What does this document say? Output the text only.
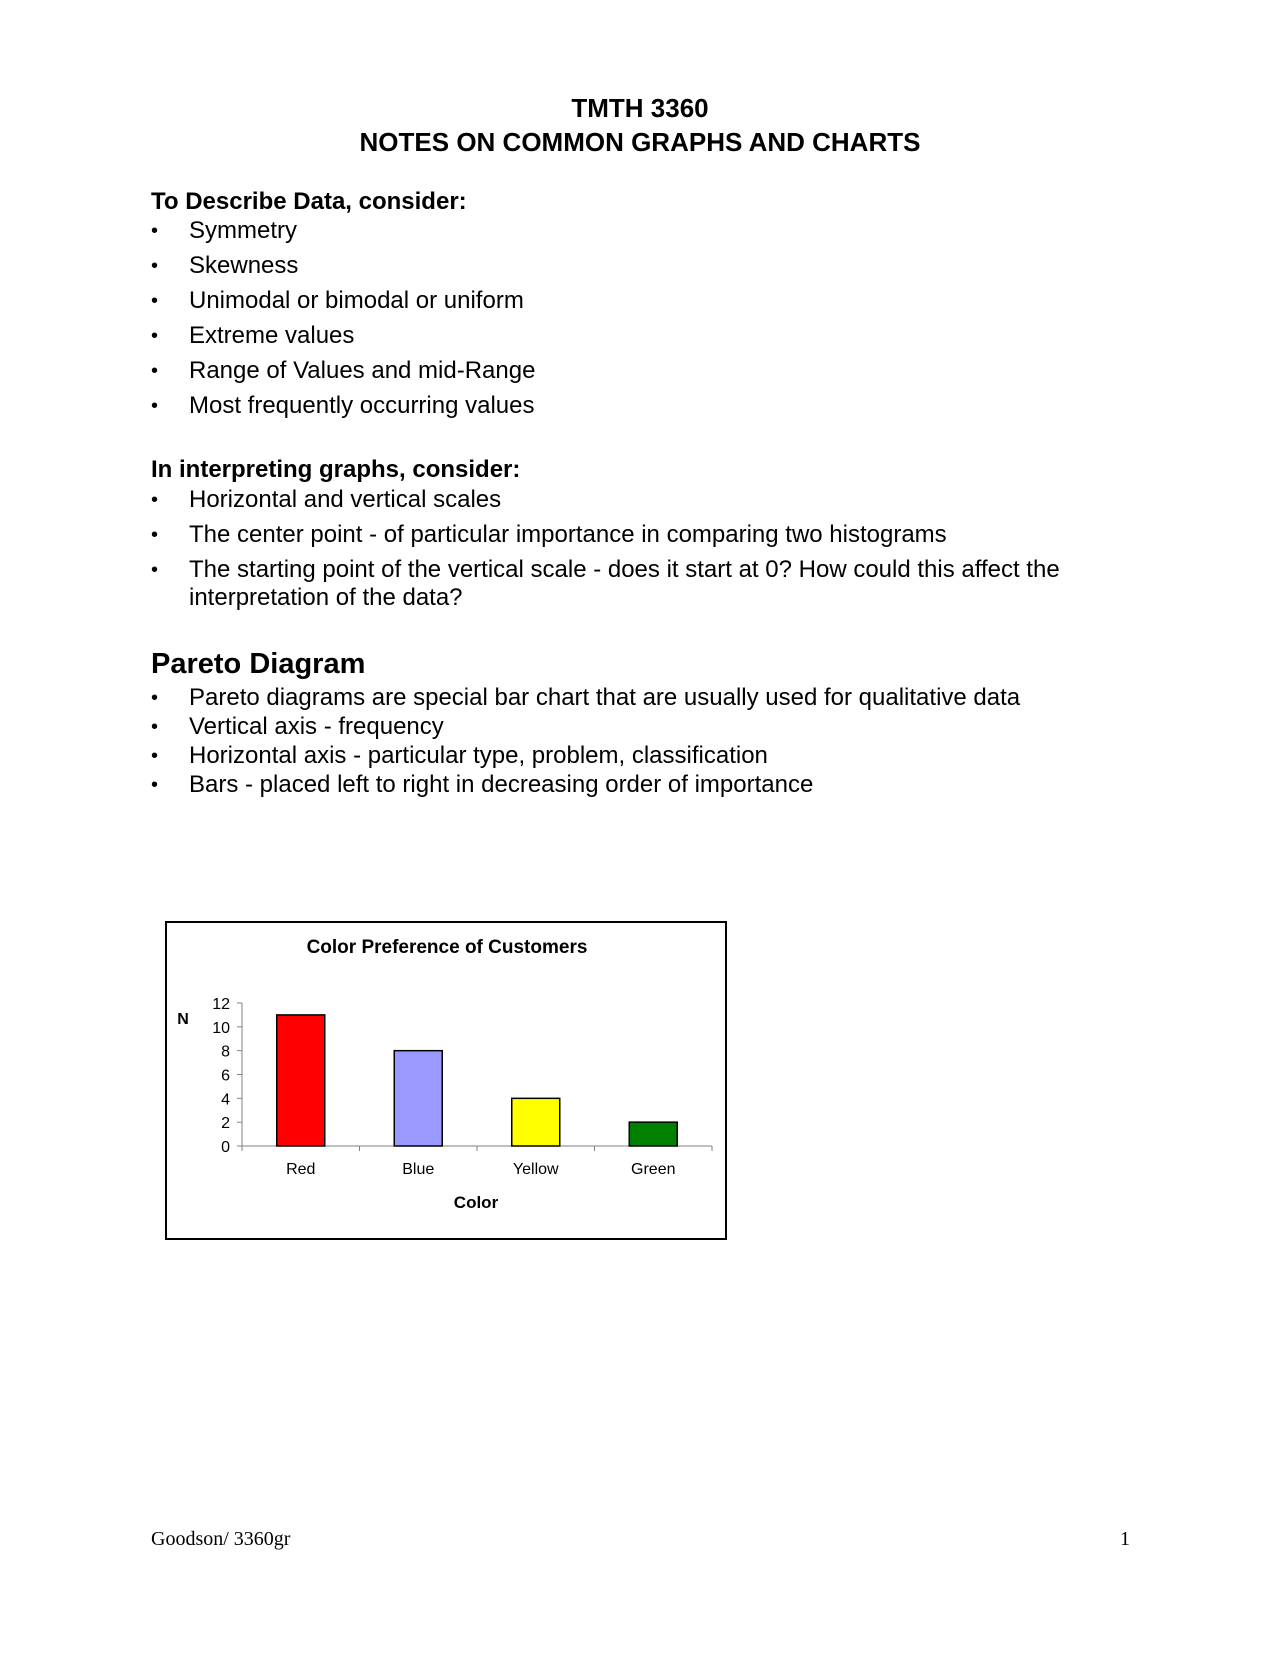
TMTH 3360
NOTES ON COMMON GRAPHS AND CHARTS
To Describe Data, consider:
•	Symmetry
•	Skewness
•	Unimodal or bimodal or uniform
•	Extreme values
•	Range of Values and mid-Range
•	Most frequently occurring values
In interpreting graphs, consider:
•	Horizontal and vertical scales
•	The center point - of particular importance in comparing two histograms
•	The starting point of the vertical scale - does it start at 0? How could this affect the interpretation of the data?
Pareto Diagram
•	Pareto diagrams are special bar chart that are usually used for qualitative data
•	Vertical axis - frequency
•	Horizontal axis - particular type, problem, classification
•	Bars - placed left to right in decreasing order of importance
Color Preference of Customers
N
Color
0
2
4
6
8
10
12
Red	Blue	Yellow	Green
Goodson/ 3360gr	1
